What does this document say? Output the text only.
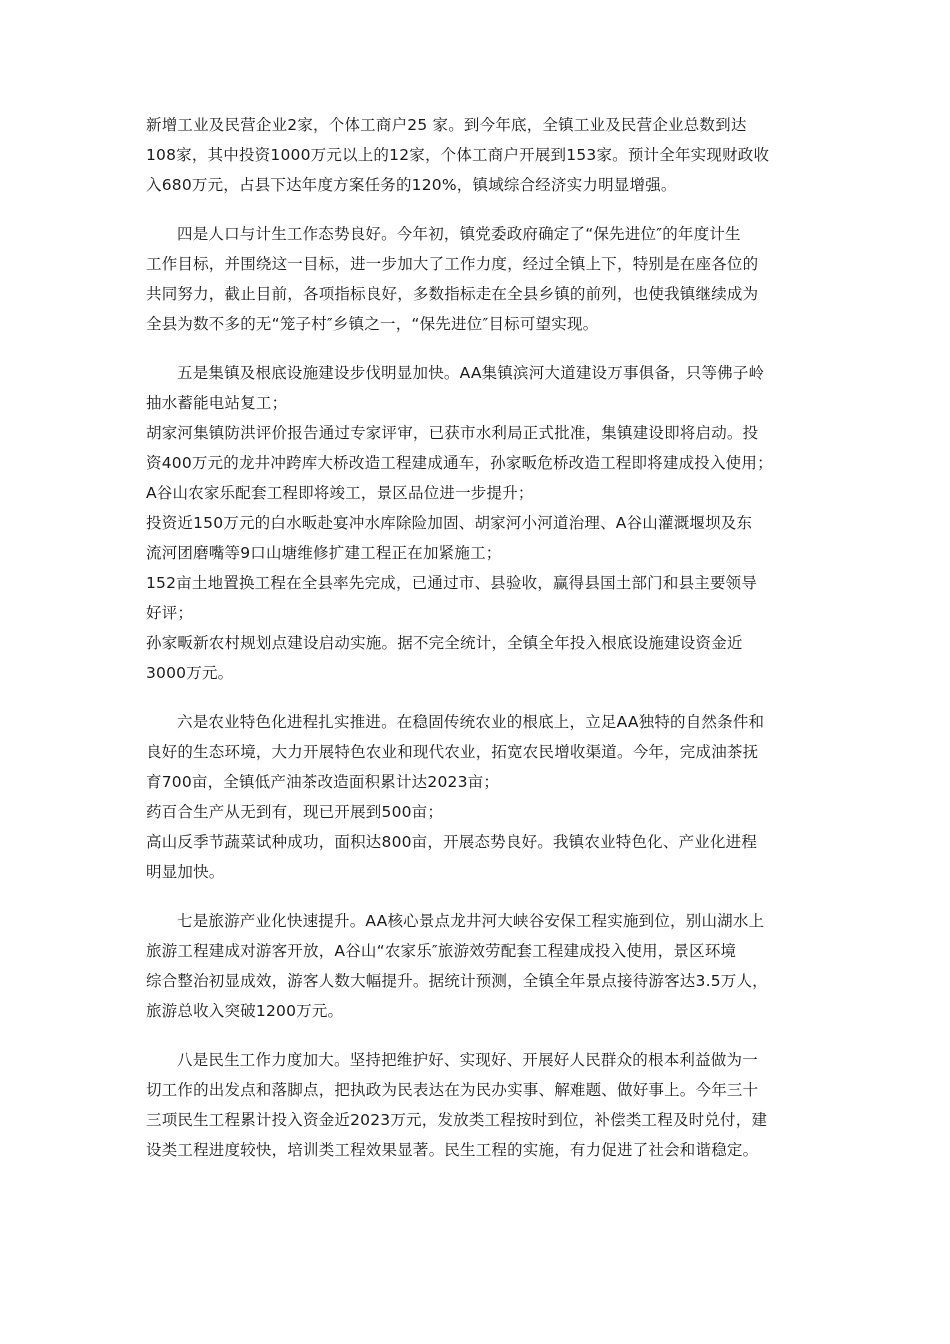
新增工业及民营企业2家，个体工商户25 家。到今年底，全镇工业及民营企业总数到达
108家，其中投资1000万元以上的12家，个体工商户开展到153家。预计全年实现财政收
入680万元，占县下达年度方案任务的120%，镇域综合经济实力明显增强。
四是人口与计生工作态势良好。今年初，镇党委政府确定了“保先进位″的年度计生
工作目标，并围绕这一目标，进一步加大了工作力度，经过全镇上下，特别是在座各位的
共同努力，截止目前，各项指标良好，多数指标走在全县乡镇的前列，也使我镇继续成为
全县为数不多的无“笼子村″乡镇之一，“保先进位″目标可望实现。
五是集镇及根底设施建设步伐明显加快。AA集镇滨河大道建设万事俱备，只等佛子岭
抽水蓄能电站复工；
胡家河集镇防洪评价报告通过专家评审，已获市水利局正式批准，集镇建设即将启动。投
资400万元的龙井冲跨库大桥改造工程建成通车，孙家畈危桥改造工程即将建成投入使用；
A谷山农家乐配套工程即将竣工，景区品位进一步提升；
投资近150万元的白水畈赴宴冲水库除险加固、胡家河小河道治理、A谷山灌溉堰坝及东
流河团磨嘴等9口山塘维修扩建工程正在加紧施工；
152亩土地置换工程在全县率先完成，已通过市、县验收，赢得县国土部门和县主要领导
好评；
孙家畈新农村规划点建设启动实施。据不完全统计，全镇全年投入根底设施建设资金近
3000万元。
六是农业特色化进程扎实推进。在稳固传统农业的根底上，立足AA独特的自然条件和
良好的生态环境，大力开展特色农业和现代农业，拓宽农民增收渠道。今年，完成油茶抚
育700亩，全镇低产油茶改造面积累计达2023亩；
药百合生产从无到有，现已开展到500亩；
高山反季节蔬菜试种成功，面积达800亩，开展态势良好。我镇农业特色化、产业化进程
明显加快。
七是旅游产业化快速提升。AA核心景点龙井河大峡谷安保工程实施到位，别山湖水上
旅游工程建成对游客开放，A谷山“农家乐″旅游效劳配套工程建成投入使用，景区环境
综合整治初显成效，游客人数大幅提升。据统计预测，全镇全年景点接待游客达3.5万人，
旅游总收入突破1200万元。
八是民生工作力度加大。坚持把维护好、实现好、开展好人民群众的根本利益做为一
切工作的出发点和落脚点，把执政为民表达在为民办实事、解难题、做好事上。今年三十
三项民生工程累计投入资金近2023万元，发放类工程按时到位，补偿类工程及时兑付，建
设类工程进度较快，培训类工程效果显著。民生工程的实施，有力促进了社会和谐稳定。
